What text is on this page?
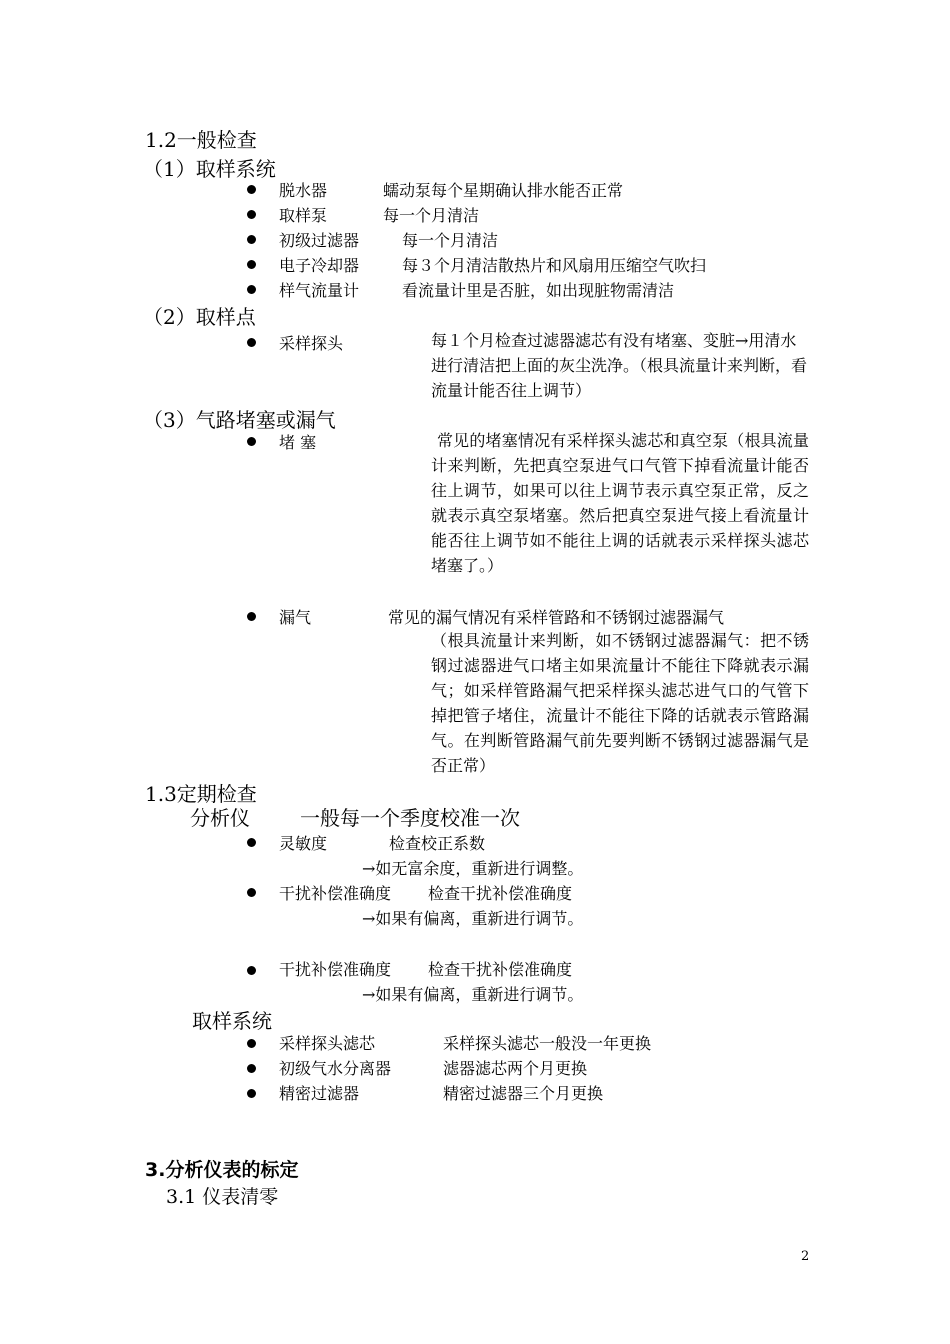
1.2一般检查
（1）取样系统
脱水器	蠕动泵每个星期确认排水能否正常
取样泵	每一个月清洁
初级过滤器	每一个月清洁
电子冷却器	每３个月清洁散热片和风扇用压缩空气吹扫
样气流量计	看流量计里是否脏，如出现脏物需清洁
（2）取样点
采样探头	每１个月检查过滤器滤芯有没有堵塞、变脏→用清水进行清洁把上面的灰尘洗净。（根具流量计来判断，看流量计能否往上调节）
（3）气路堵塞或漏气
堵 塞	常见的堵塞情况有采样探头滤芯和真空泵（根具流量计来判断，先把真空泵进气口气管下掉看流量计能否往上调节，如果可以往上调节表示真空泵正常，反之就表示真空泵堵塞。然后把真空泵进气接上看流量计能否往上调节如不能往上调的话就表示采样探头滤芯堵塞了。）
漏气	常见的漏气情况有采样管路和不锈钢过滤器漏气
（根具流量计来判断，如不锈钢过滤器漏气：把不锈钢过滤器进气口堵主如果流量计不能往下降就表示漏气；如采样管路漏气把采样探头滤芯进气口的气管下掉把管子堵住，流量计不能往下降的话就表示管路漏气。在判断管路漏气前先要判断不锈钢过滤器漏气是否正常）
1.3定期检查
分析仪	一般每一个季度校准一次
灵敏度	检查校正系数
→如无富余度，重新进行调整。
干扰补偿准确度 检查干扰补偿准确度
→如果有偏离，重新进行调节。
干扰补偿准确度 检查干扰补偿准确度
→如果有偏离，重新进行调节。
取样系统
采样探头滤芯	采样探头滤芯一般没一年更换
初级气水分离器	滤器滤芯两个月更换
精密过滤器	精密过滤器三个月更换
3.分析仪表的标定
3.1 仪表清零
2
